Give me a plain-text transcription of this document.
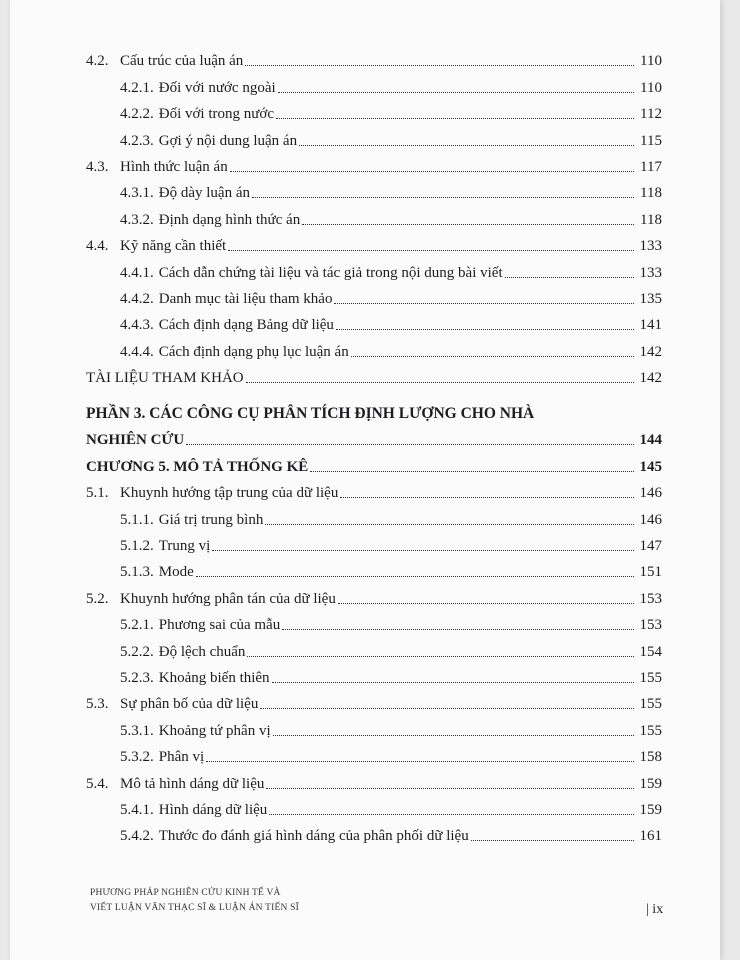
4.2. Cấu trúc của luận án	110
4.2.1. Đối với nước ngoài	110
4.2.2. Đối với trong nước	112
4.2.3. Gợi ý nội dung luận án	115
4.3. Hình thức luận án	117
4.3.1. Độ dày luận án	118
4.3.2. Định dạng hình thức án	118
4.4. Kỹ năng cần thiết	133
4.4.1. Cách dẫn chứng tài liệu và tác giả trong nội dung bài viết	133
4.4.2. Danh mục tài liệu tham khảo	135
4.4.3. Cách định dạng Bảng dữ liệu	141
4.4.4. Cách định dạng phụ lục luận án	142
TÀI LIỆU THAM KHẢO	142
PHẦN 3. CÁC CÔNG CỤ PHÂN TÍCH ĐỊNH LƯỢNG CHO NHÀ
NGHIÊN CỨU	144
CHƯƠNG 5. MÔ TẢ THỐNG KÊ	145
5.1. Khuynh hướng tập trung của dữ liệu	146
5.1.1. Giá trị trung bình	146
5.1.2. Trung vị	147
5.1.3. Mode	151
5.2. Khuynh hướng phân tán của dữ liệu	153
5.2.1. Phương sai của mẫu	153
5.2.2. Độ lệch chuẩn	154
5.2.3. Khoảng biến thiên	155
5.3. Sự phân bố của dữ liệu	155
5.3.1. Khoảng tứ phân vị	155
5.3.2. Phân vị	158
5.4. Mô tả hình dáng dữ liệu	159
5.4.1. Hình dáng dữ liệu	159
5.4.2. Thước đo đánh giá hình dáng của phân phối dữ liệu	161
PHƯƠNG PHÁP NGHIÊN CỨU KINH TẾ VÀ
VIẾT LUẬN VĂN THẠC SĨ & LUẬN ÁN TIẾN SĨ	| ix
